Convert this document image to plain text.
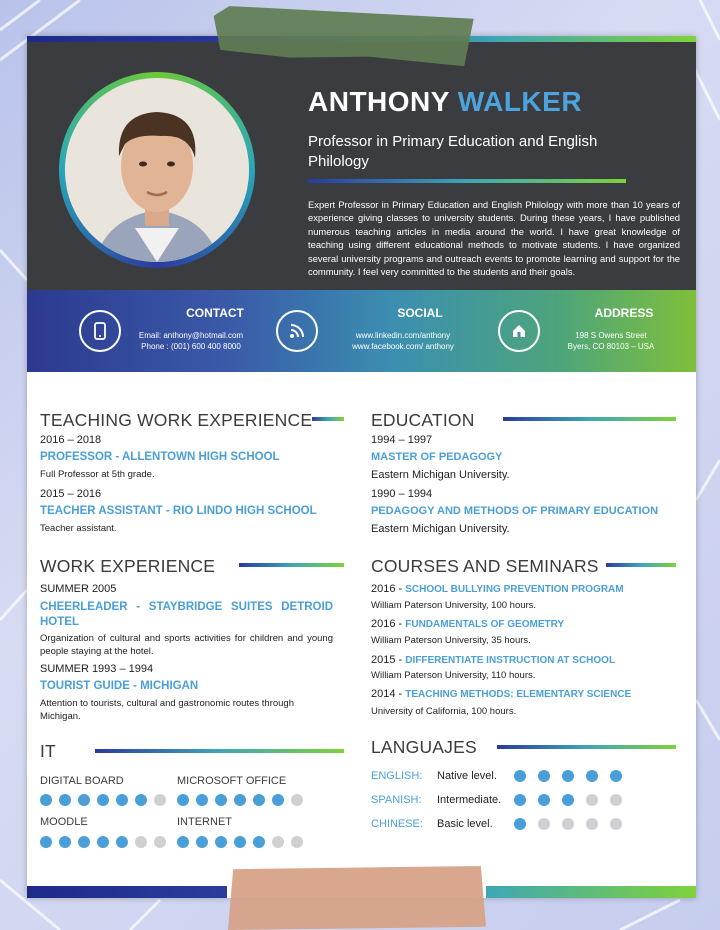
ANTHONY WALKER
Professor in Primary Education and English Philology
Expert Professor in Primary Education and English Philology with more than 10 years of experience giving classes to university students. During these years, I have published numerous teaching articles in media around the world. I have great knowledge of teaching using different educational methods to motivate students. I have organized several university programs and outreach events to promote learning and support for the community. I feel very committed to the students and their goals.
CONTACT
Email: anthony@hotmail.com
Phone : (001) 600 400 8000
SOCIAL
www.linkedin.com/anthony
www.facebook.com/ anthony
ADDRESS
198 S Owens Street
Byers, CO 80103 – USA
TEACHING WORK EXPERIENCE
2016 – 2018
PROFESSOR - ALLENTOWN HIGH SCHOOL
Full Professor at 5th grade.
2015 – 2016
TEACHER ASSISTANT - RIO LINDO HIGH SCHOOL
Teacher assistant.
WORK EXPERIENCE
SUMMER 2005
CHEERLEADER - STAYBRIDGE SUITES DETROID HOTEL
Organization of cultural and sports activities for children and young people staying at the hotel.
SUMMER 1993 – 1994
TOURIST GUIDE - MICHIGAN
Attention to tourists, cultural and gastronomic routes through Michigan.
IT
DIGITAL BOARD	MICROSOFT OFFICE
MOODLE	INTERNET
EDUCATION
1994 – 1997
MASTER OF PEDAGOGY
Eastern Michigan University.
1990 – 1994
PEDAGOGY AND METHODS OF PRIMARY EDUCATION
Eastern Michigan University.
COURSES AND SEMINARS
2016 - SCHOOL BULLYING PREVENTION PROGRAM
William Paterson University, 100 hours.
2016 - FUNDAMENTALS OF GEOMETRY
William Paterson University, 35 hours.
2015 - DIFFERENTIATE INSTRUCTION AT SCHOOL
William Paterson University, 110 hours.
2014 - TEACHING METHODS: ELEMENTARY SCIENCE
University of California, 100 hours.
LANGUAJES
ENGLISH: Native level.
SPANISH: Intermediate.
CHINESE: Basic level.
